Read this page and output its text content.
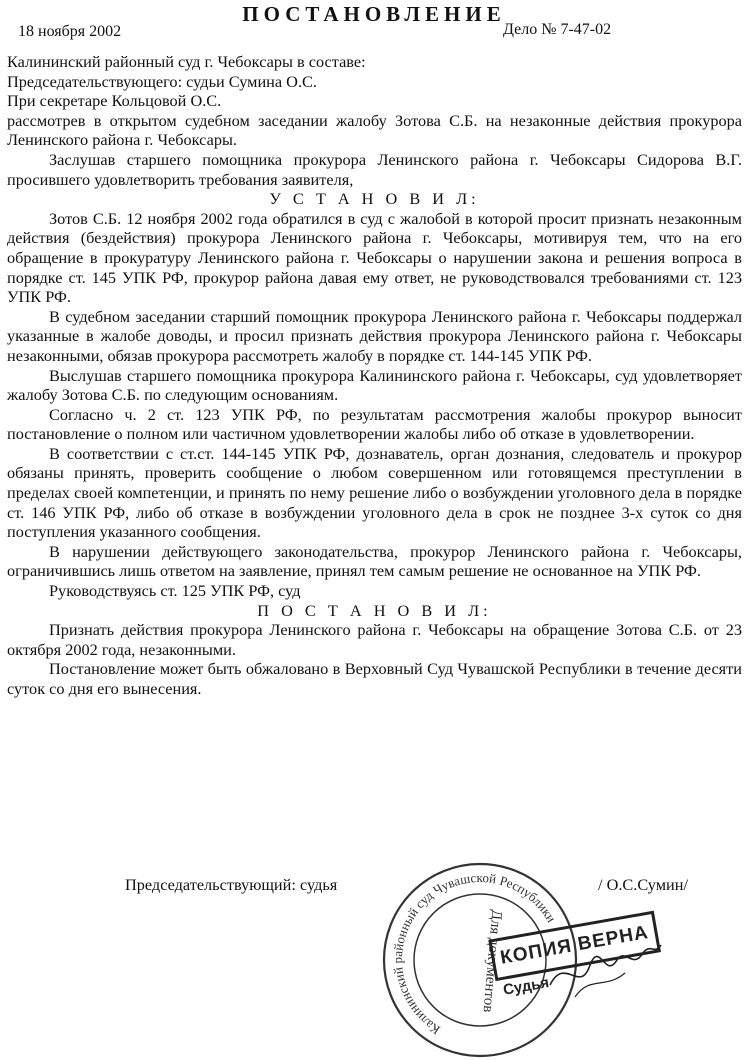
ПОСТАНОВЛЕНИЕ
18 ноября 2002	Дело № 7-47-02

Калининский районный суд г. Чебоксары в составе:

Председательствующего: судьи Сумина О.С.

При секретаре Кольцовой О.С.

рассмотрев в открытом судебном заседании жалобу Зотова С.Б. на незаконные действия прокурора Ленинского района г. Чебоксары.

Заслушав старшего помощника прокурора Ленинского района г. Чебоксары Сидорова В.Г. просившего удовлетворить требования заявителя,

У С Т А Н О В И Л:

Зотов С.Б. 12 ноября 2002 года обратился в суд с жалобой в которой просит признать незаконным действия (бездействия) прокурора Ленинского района г. Чебоксары, мотивируя тем, что на его обращение в прокуратуру Ленинского района г. Чебоксары о нарушении закона и решения вопроса в порядке ст. 145 УПК РФ, прокурор района давая ему ответ, не руководствовался требованиями ст. 123 УПК РФ.

В судебном заседании старший помощник прокурора Ленинского района г. Чебоксары поддержал указанные в жалобе доводы, и просил признать действия прокурора Ленинского района г. Чебоксары незаконными, обязав прокурора рассмотреть жалобу в порядке ст. 144-145 УПК РФ.

Выслушав старшего помощника прокурора Калининского района г. Чебоксары, суд удовлетворяет жалобу Зотова С.Б. по следующим основаниям.

Согласно ч. 2 ст. 123 УПК РФ, по результатам рассмотрения жалобы прокурор выносит постановление о полном или частичном удовлетворении жалобы либо об отказе в удовлетворении.

В соответствии с ст.ст. 144-145 УПК РФ, дознаватель, орган дознания, следователь и прокурор обязаны принять, проверить сообщение о любом совершенном или готовящемся преступлении в пределах своей компетенции, и принять по нему решение либо о возбуждении уголовного дела в порядке ст. 146 УПК РФ, либо об отказе в возбуждении уголовного дела в срок не позднее 3-х суток со дня поступления указанного сообщения.

В нарушении действующего законодательства, прокурор Ленинского района г. Чебоксары, ограничившись лишь ответом на заявление, принял тем самым решение не основанное на УПК РФ.

Руководствуясь ст. 125 УПК РФ, суд

П О С Т А Н О В И Л:

Признать действия прокурора Ленинского района г. Чебоксары на обращение Зотова С.Б. от 23 октября 2002 года, незаконными.

Постановление может быть обжаловано в Верховный Суд Чувашской Республики в течение десяти суток со дня его вынесения.

Председательствующий: судья	/ О.С.Сумин/
Калининский районный суд Чувашской Республики
Для документов
КОПИЯ ВЕРНА
Судья
